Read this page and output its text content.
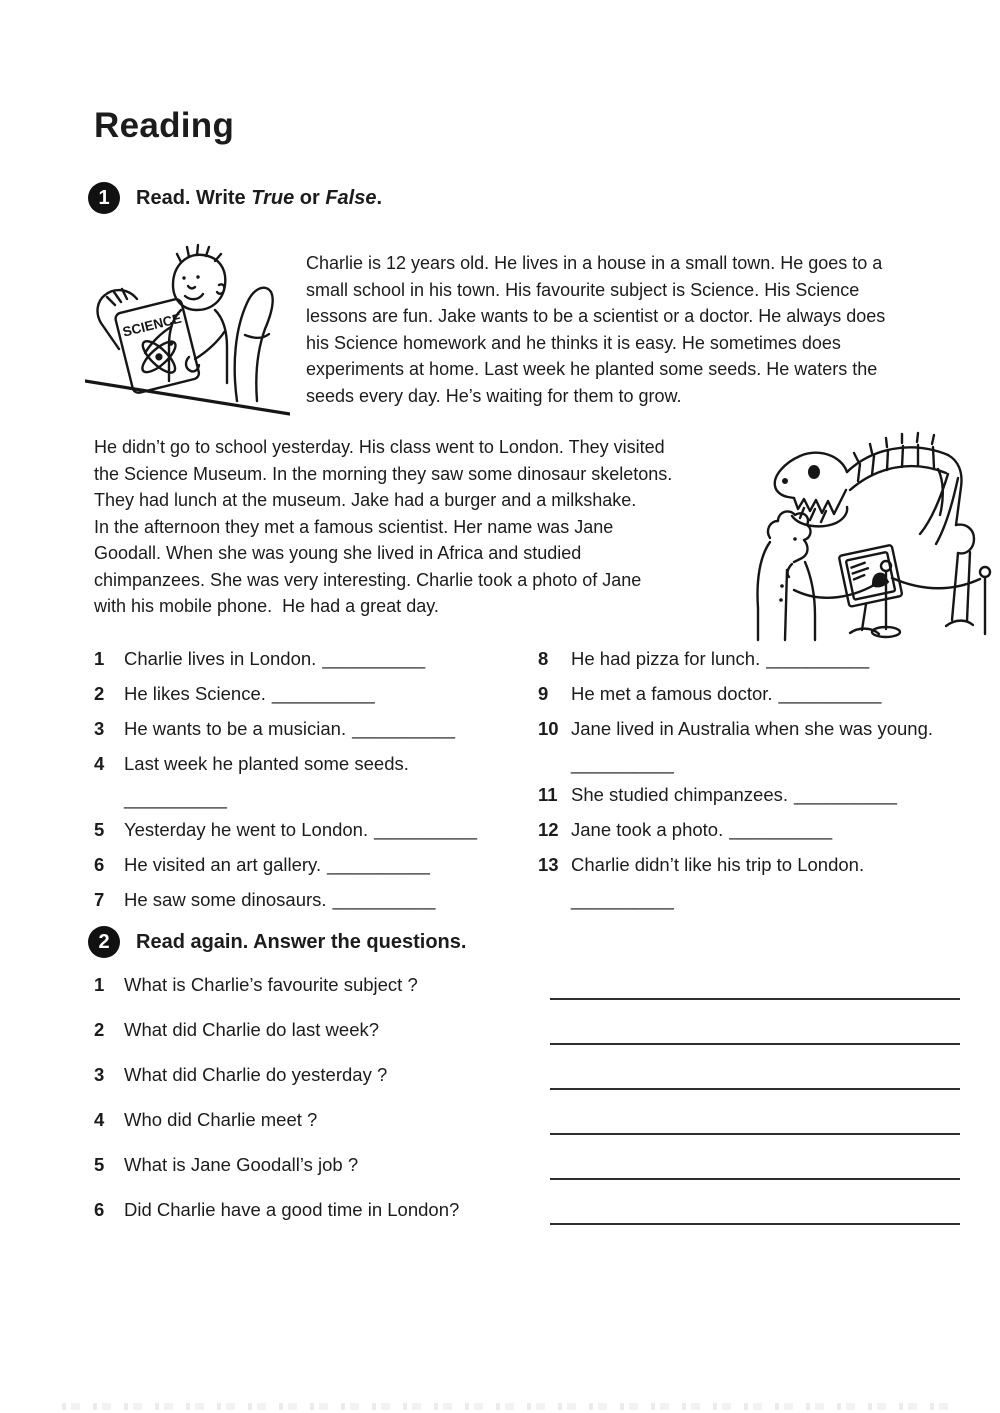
Reading
1	Read. Write True or False.
SCIENCE
Charlie is 12 years old. He lives in a house in a small town. He goes to a
small school in his town. His favourite subject is Science. His Science
lessons are fun. Jake wants to be a scientist or a doctor. He always does
his Science homework and he thinks it is easy. He sometimes does
experiments at home. Last week he planted some seeds. He waters the
seeds every day. He’s waiting for them to grow.
He didn’t go to school yesterday. His class went to London. They visited
the Science Museum. In the morning they saw some dinosaur skeletons.
They had lunch at the museum. Jake had a burger and a milkshake.
In the afternoon they met a famous scientist. Her name was Jane
Goodall. When she was young she lived in Africa and studied
chimpanzees. She was very interesting. Charlie took a photo of Jane
with his mobile phone.  He had a great day.
1	Charlie lives in London. __________
2	He likes Science. __________
3	He wants to be a musician. __________
4	Last week he planted some seeds.
__________
5	Yesterday he went to London. __________
6	He visited an art gallery. __________
7	He saw some dinosaurs. __________
8	He had pizza for lunch. __________
9	He met a famous doctor. __________
10 Jane lived in Australia when she was young.
__________
11 She studied chimpanzees. __________
12 Jane took a photo. __________
13 Charlie didn’t like his trip to London.
__________
2	Read again. Answer the questions.
1	What is Charlie’s favourite subject ?
2	What did Charlie do last week?
3	What did Charlie do yesterday ?
4	Who did Charlie meet ?
5	What is Jane Goodall’s job ?
6	Did Charlie have a good time in London?
